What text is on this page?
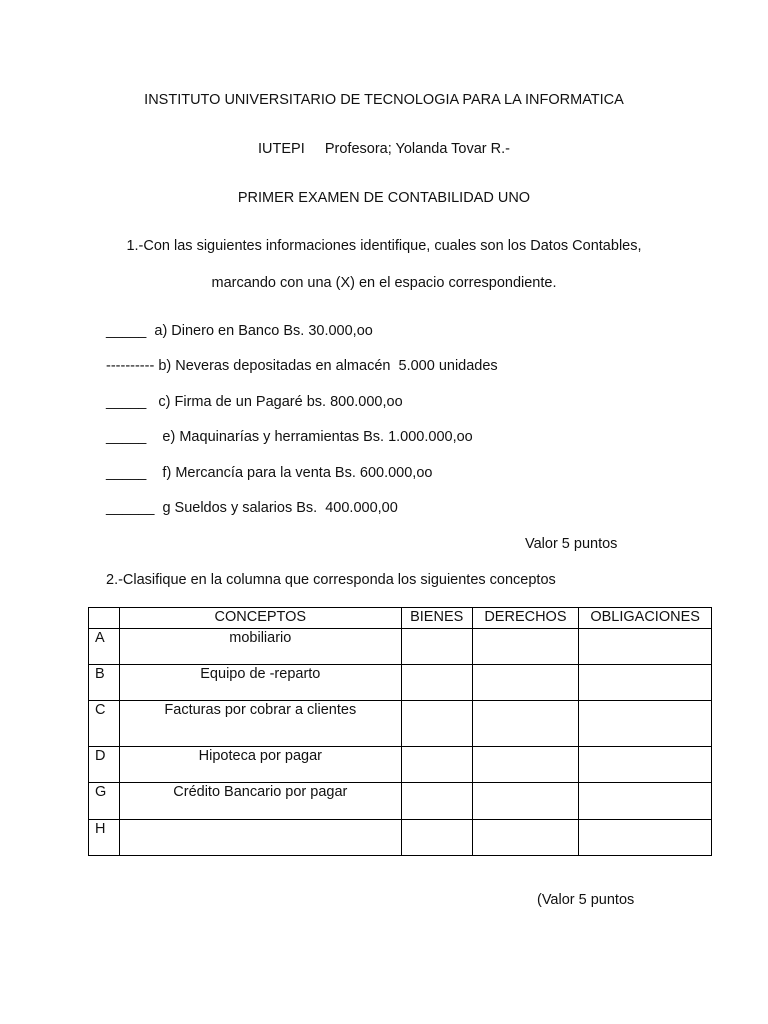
INSTITUTO UNIVERSITARIO DE TECNOLOGIA PARA LA INFORMATICA
IUTEPI     Profesora; Yolanda Tovar R.-
PRIMER EXAMEN DE CONTABILIDAD UNO
1.-Con las siguientes informaciones identifique, cuales son los Datos Contables,
marcando con una (X) en el espacio correspondiente.
_____  a) Dinero en Banco Bs. 30.000,oo
---------- b) Neveras depositadas en almacén  5.000 unidades
_____   c) Firma de un Pagaré bs. 800.000,oo
_____    e) Maquinarías y herramientas Bs. 1.000.000,oo
_____    f) Mercancía para la venta Bs. 600.000,oo
______  g Sueldos y salarios Bs.  400.000,00
Valor 5 puntos
2.-Clasifique en la columna que corresponda los siguientes conceptos
	CONCEPTOS	BIENES	DERECHOS	OBLIGACIONES
A	mobiliario			
B	Equipo de -reparto			
C	Facturas por cobrar a clientes			
D	Hipoteca por pagar			
G	Crédito Bancario por pagar			
H				
(Valor 5 puntos
